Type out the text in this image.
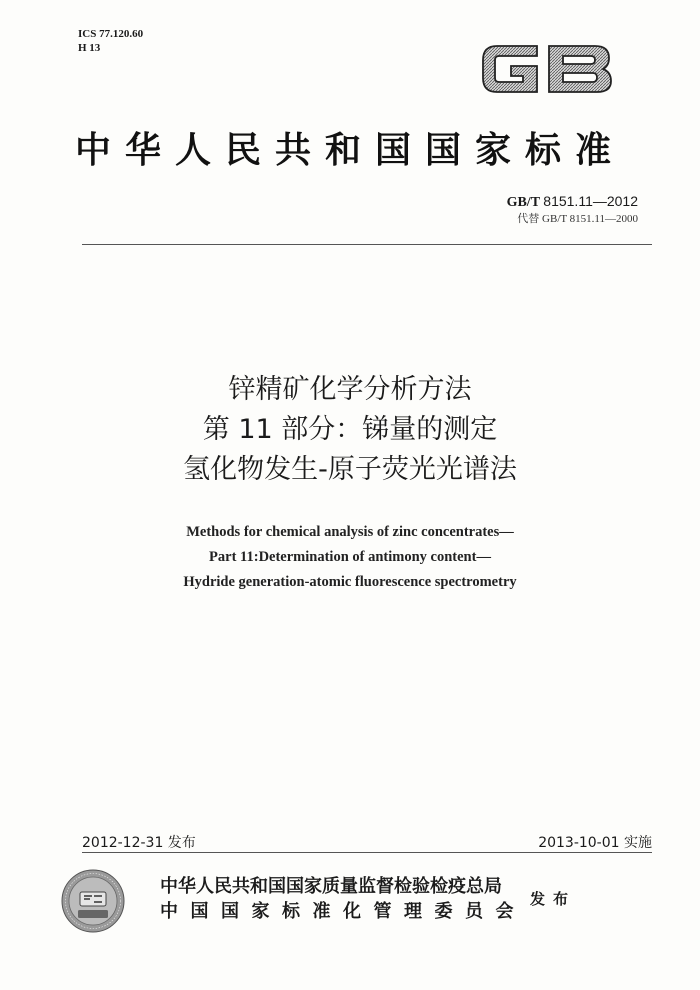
ICS 77.120.60
H 13
中华人民共和国国家标准
GB/T 8151.11—2012
代替 GB/T 8151.11—2000
锌精矿化学分析方法
第 11 部分：锑量的测定
氢化物发生-原子荧光光谱法
Methods for chemical analysis of zinc concentrates—
Part 11:Determination of antimony content—
Hydride generation-atomic fluorescence spectrometry
2012-12-31 发布	2013-10-01 实施
中华人民共和国国家质量监督检验检疫总局
中国国家标准化管理委员会
发布
